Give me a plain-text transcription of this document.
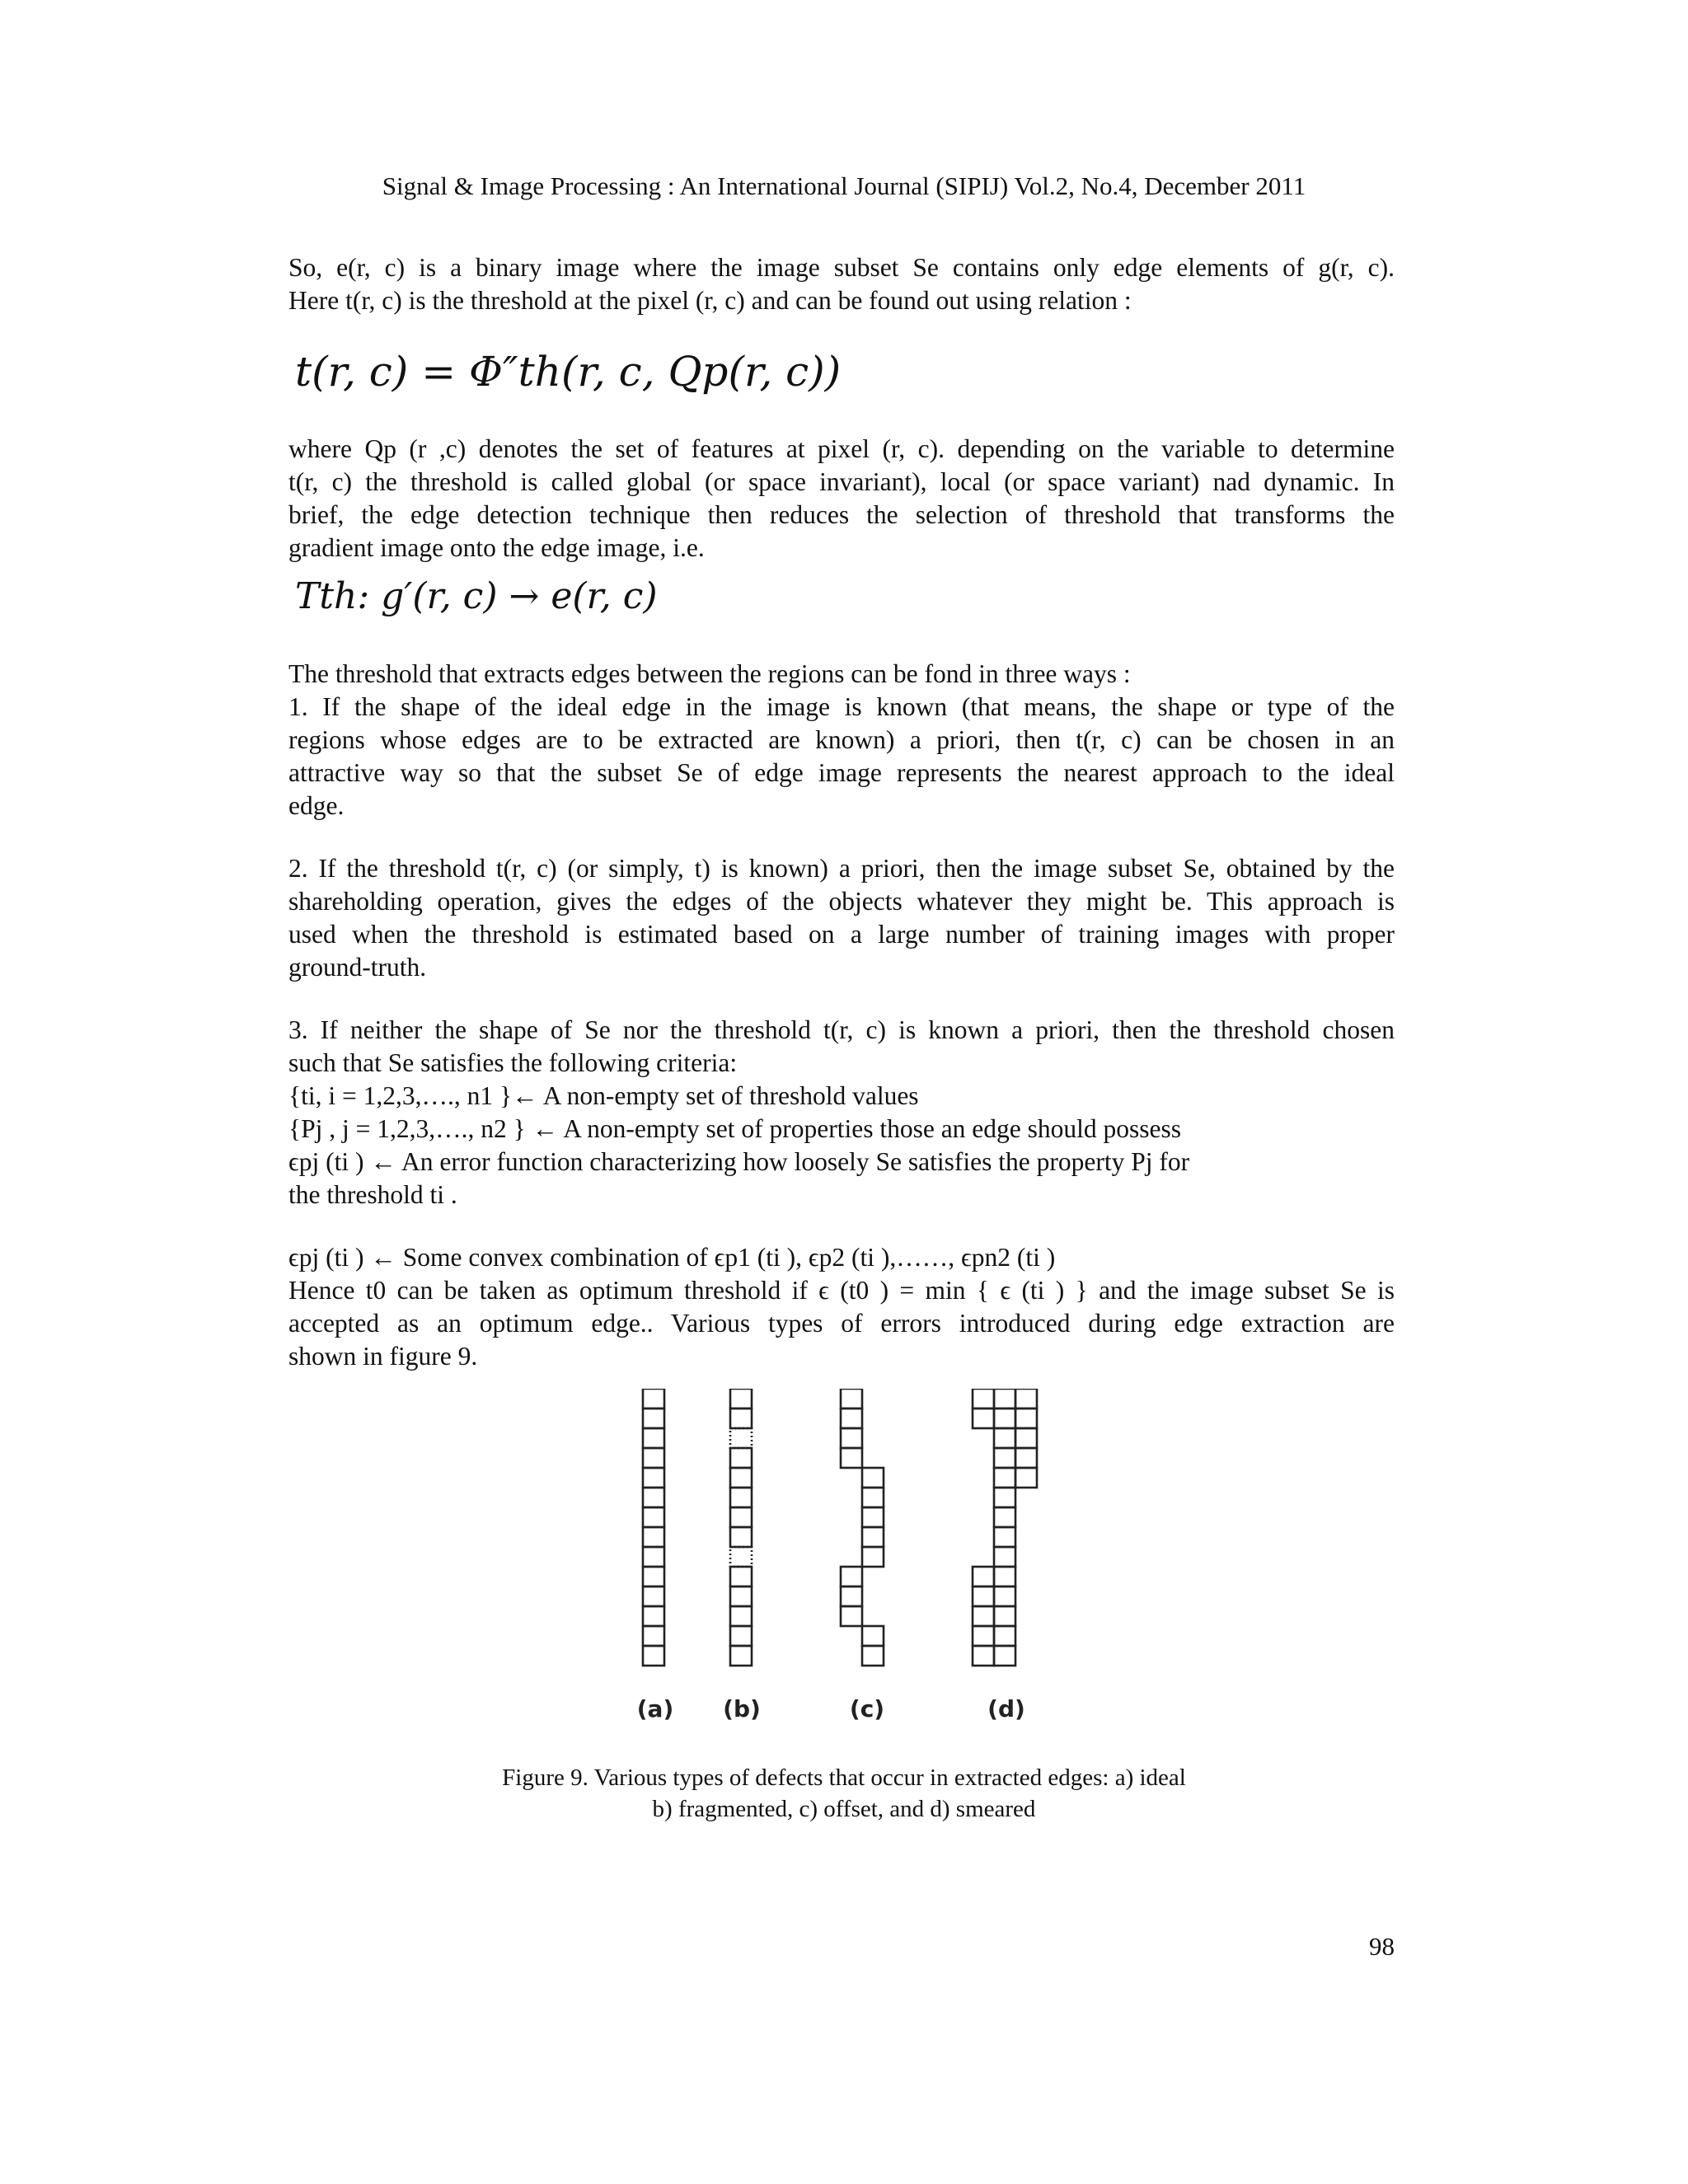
Signal & Image Processing : An International Journal (SIPIJ) Vol.2, No.4, December 2011
So, e(r, c) is a binary image where the image subset Se contains only edge elements of g(r, c).
Here t(r, c) is the threshold at the pixel (r, c) and can be found out using relation :
t(r, c) = Φ″th(r, c, Qp(r, c))
where Qp (r ,c) denotes the set of features at pixel (r, c). depending on the variable to determine
t(r, c) the threshold is called global (or space invariant), local (or space variant) nad dynamic. In
brief, the edge detection technique then reduces the selection of threshold that transforms the
gradient image onto the edge image, i.e.
Tth: g′(r, c) → e(r, c)
The threshold that extracts edges between the regions can be fond in three ways :
1. If the shape of the ideal edge in the image is known (that means, the shape or type of the
regions whose edges are to be extracted are known) a priori, then t(r, c) can be chosen in an
attractive way so that the subset Se of edge image represents the nearest approach to the ideal
edge.
2. If the threshold t(r, c) (or simply, t) is known) a priori, then the image subset Se, obtained by the
shareholding operation, gives the edges of the objects whatever they might be. This approach is
used when the threshold is estimated based on a large number of training images with proper
ground-truth.
3. If neither the shape of Se nor the threshold t(r, c) is known a priori, then the threshold chosen
such that Se satisfies the following criteria:
{ti, i = 1,2,3,…., n1 }← A non-empty set of threshold values
{Pj , j = 1,2,3,…., n2 } ← A non-empty set of properties those an edge should possess
ϵpj (ti ) ← An error function characterizing how loosely Se satisfies the property Pj for
the threshold ti .
ϵpj (ti ) ← Some convex combination of ϵp1 (ti ), ϵp2 (ti ),……, ϵpn2 (ti )
Hence t0 can be taken as optimum threshold if ϵ (t0 ) = min { ϵ (ti ) } and the image subset Se is
accepted as an optimum edge.. Various types of errors introduced during edge extraction are
shown in figure 9.
(a) (b)	(c)	(d)
Figure 9. Various types of defects that occur in extracted edges: a) ideal
b) fragmented, c) offset, and d) smeared
98
